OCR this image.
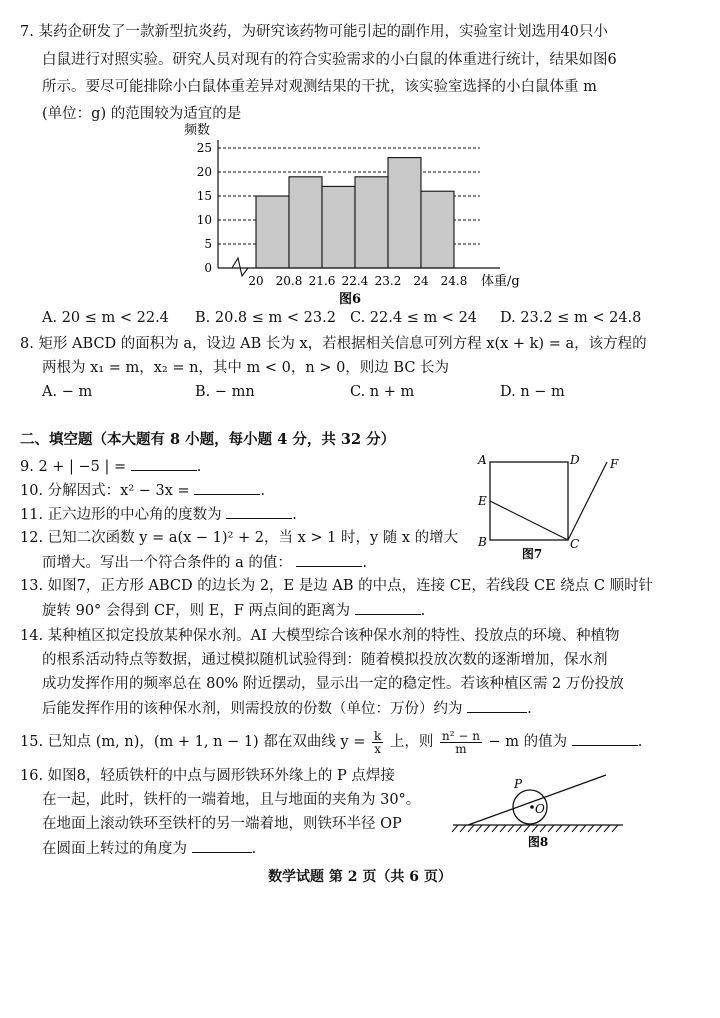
7. 某药企研发了一款新型抗炎药，为研究该药物可能引起的副作用，实验室计划选用40只小
白鼠进行对照实验。研究人员对现有的符合实验需求的小白鼠的体重进行统计，结果如图6
所示。要尽可能排除小白鼠体重差异对观测结果的干扰，该实验室选择的小白鼠体重 m
(单位：g) 的范围较为适宜的是
频数
0
5
10
15
20
25
20 20.8 21.6 22.4 23.2 24 24.8 体重/g
图6
A. 20 ≤ m < 22.4 B. 20.8 ≤ m < 23.2 C. 22.4 ≤ m < 24 D. 23.2 ≤ m < 24.8
8. 矩形 ABCD 的面积为 a，设边 AB 长为 x，若根据相关信息可列方程 x(x + k) = a，该方程的
两根为 x₁ = m，x₂ = n，其中 m < 0，n > 0，则边 BC 长为
A. − m	B. − mn	C. n + m	D. n − m
二、填空题（本大题有 8 小题，每小题 4 分，共 32 分）
9. 2 + | −5 | =	.
10. 分解因式：x² − 3x =	.
11. 正六边形的中心角的度数为	.
12. 已知二次函数 y = a(x − 1)² + 2，当 x > 1 时，y 随 x 的增大
而增大。写出一个符合条件的 a 的值：	.
A	D
E
B	C
F
图7
13. 如图7，正方形 ABCD 的边长为 2，E 是边 AB 的中点，连接 CE，若线段 CE 绕点 C 顺时针
旋转 90° 会得到 CF，则 E，F 两点间的距离为	.
14. 某种植区拟定投放某种保水剂。AI 大模型综合该种保水剂的特性、投放点的环境、种植物
的根系活动特点等数据，通过模拟随机试验得到：随着模拟投放次数的逐渐增加，保水剂
成功发挥作用的频率总在 80% 附近摆动，显示出一定的稳定性。若该种植区需 2 万份投放
后能发挥作用的该种保水剂，则需投放的份数（单位：万份）约为	.
15. 已知点 (m, n)，(m + 1, n − 1) 都在双曲线 $y = \frac{k}{x}$ 上，则 $\frac{\text{n² − n}}{m} - m$ 的值为	.
16. 如图8，轻质铁杆的中点与圆形铁环外缘上的 P 点焊接
在一起，此时，铁杆的一端着地，且与地面的夹角为 30°。
在地面上滚动铁环至铁杆的另一端着地，则铁环半径 OP
在圆面上转过的角度为	.
P
O
图8
数学试题 第 2 页（共 6 页）
